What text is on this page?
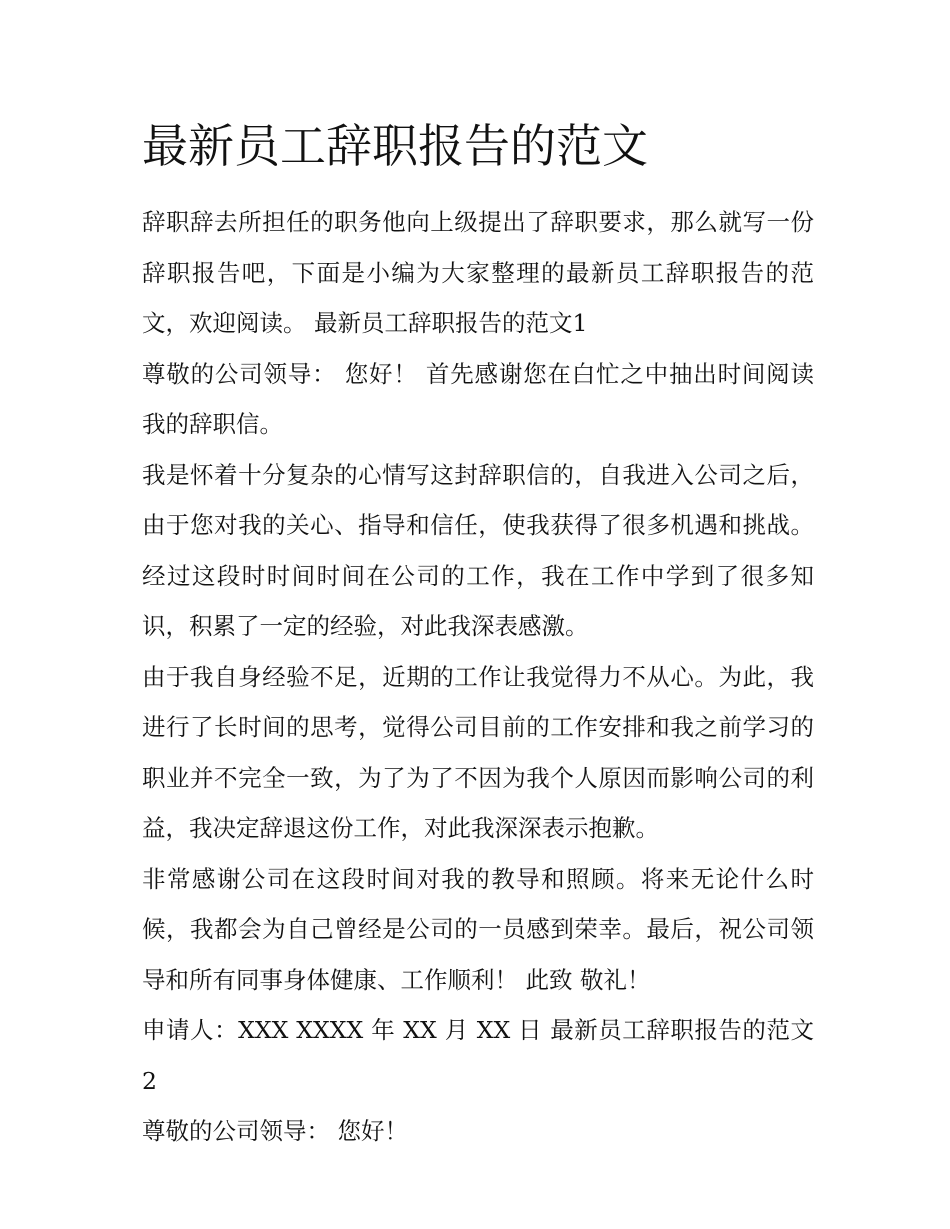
最新员工辞职报告的范文

辞职辞去所担任的职务他向上级提出了辞职要求，那么就写一份辞职报告吧，下面是小编为大家整理的最新员工辞职报告的范文，欢迎阅读。 最新员工辞职报告的范文1

尊敬的公司领导： 您好！ 首先感谢您在白忙之中抽出时间阅读我的辞职信。

我是怀着十分复杂的心情写这封辞职信的，自我进入公司之后，由于您对我的关心、指导和信任，使我获得了很多机遇和挑战。经过这段时时间时间在公司的工作，我在工作中学到了很多知识，积累了一定的经验，对此我深表感激。

由于我自身经验不足，近期的工作让我觉得力不从心。为此，我进行了长时间的思考，觉得公司目前的工作安排和我之前学习的职业并不完全一致，为了为了不因为我个人原因而影响公司的利益，我决定辞退这份工作，对此我深深表示抱歉。

非常感谢公司在这段时间对我的教导和照顾。将来无论什么时候，我都会为自己曾经是公司的一员感到荣幸。最后，祝公司领导和所有同事身体健康、工作顺利！ 此致 敬礼！

申请人：XXX XXXX 年 XX 月 XX 日 最新员工辞职报告的范文2

尊敬的公司领导： 您好！
